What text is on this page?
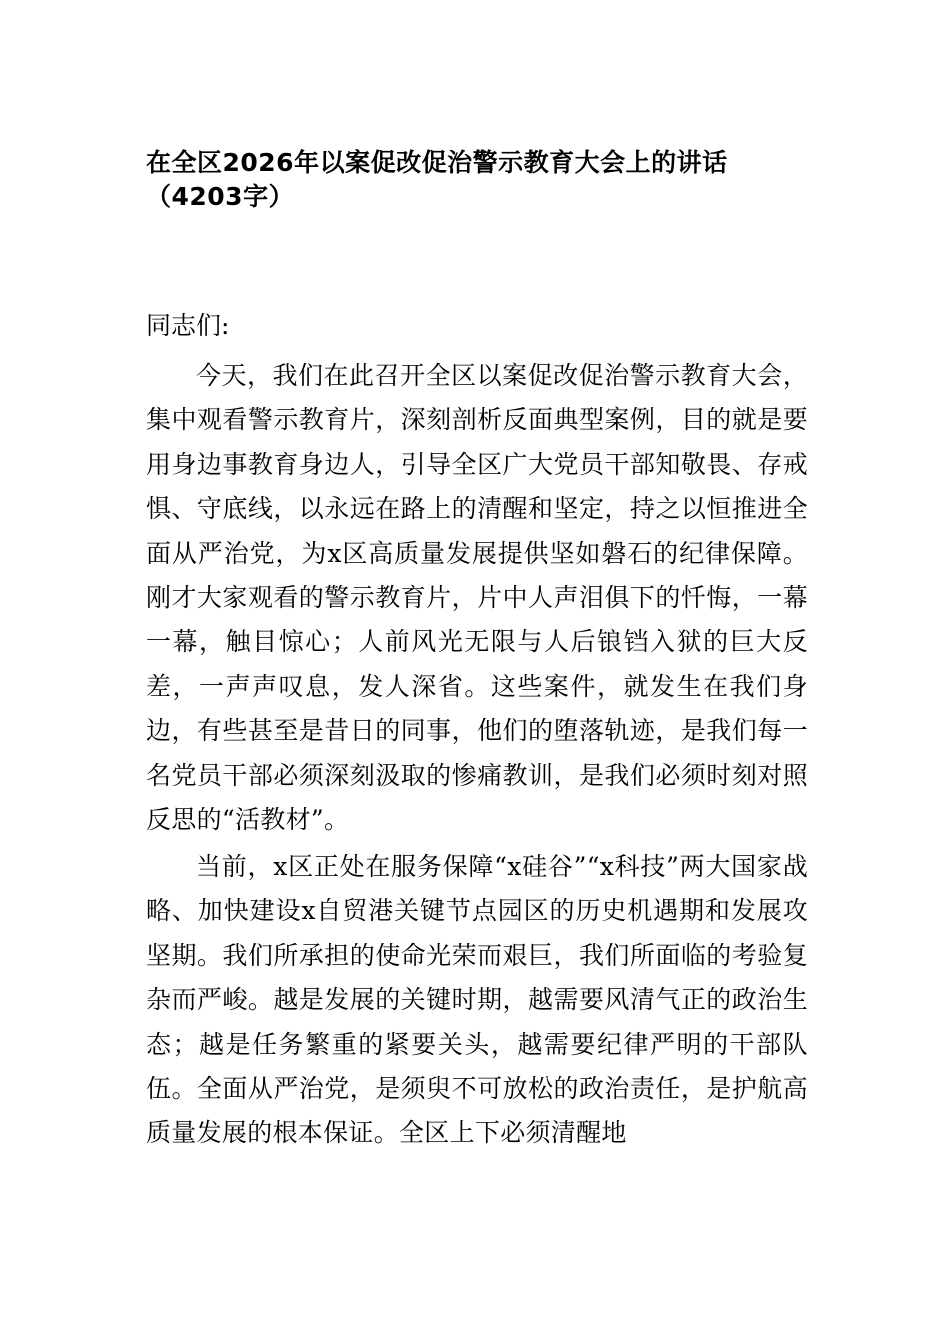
在全区2026年以案促改促治警示教育大会上的讲话（4203字）

同志们:

今天，我们在此召开全区以案促改促治警示教育大会，集中观看警示教育片，深刻剖析反面典型案例，目的就是要用身边事教育身边人，引导全区广大党员干部知敬畏、存戒惧、守底线，以永远在路上的清醒和坚定，持之以恒推进全面从严治党，为x区高质量发展提供坚如磐石的纪律保障。刚才大家观看的警示教育片，片中人声泪俱下的忏悔，一幕一幕，触目惊心；人前风光无限与人后锒铛入狱的巨大反差，一声声叹息，发人深省。这些案件，就发生在我们身边，有些甚至是昔日的同事，他们的堕落轨迹，是我们每一名党员干部必须深刻汲取的惨痛教训，是我们必须时刻对照反思的“活教材”。

当前，x区正处在服务保障“x硅谷”“x科技”两大国家战略、加快建设x自贸港关键节点园区的历史机遇期和发展攻坚期。我们所承担的使命光荣而艰巨，我们所面临的考验复杂而严峻。越是发展的关键时期，越需要风清气正的政治生态；越是任务繁重的紧要关头，越需要纪律严明的干部队伍。全面从严治党，是须臾不可放松的政治责任，是护航高质量发展的根本保证。全区上下必须清醒地
